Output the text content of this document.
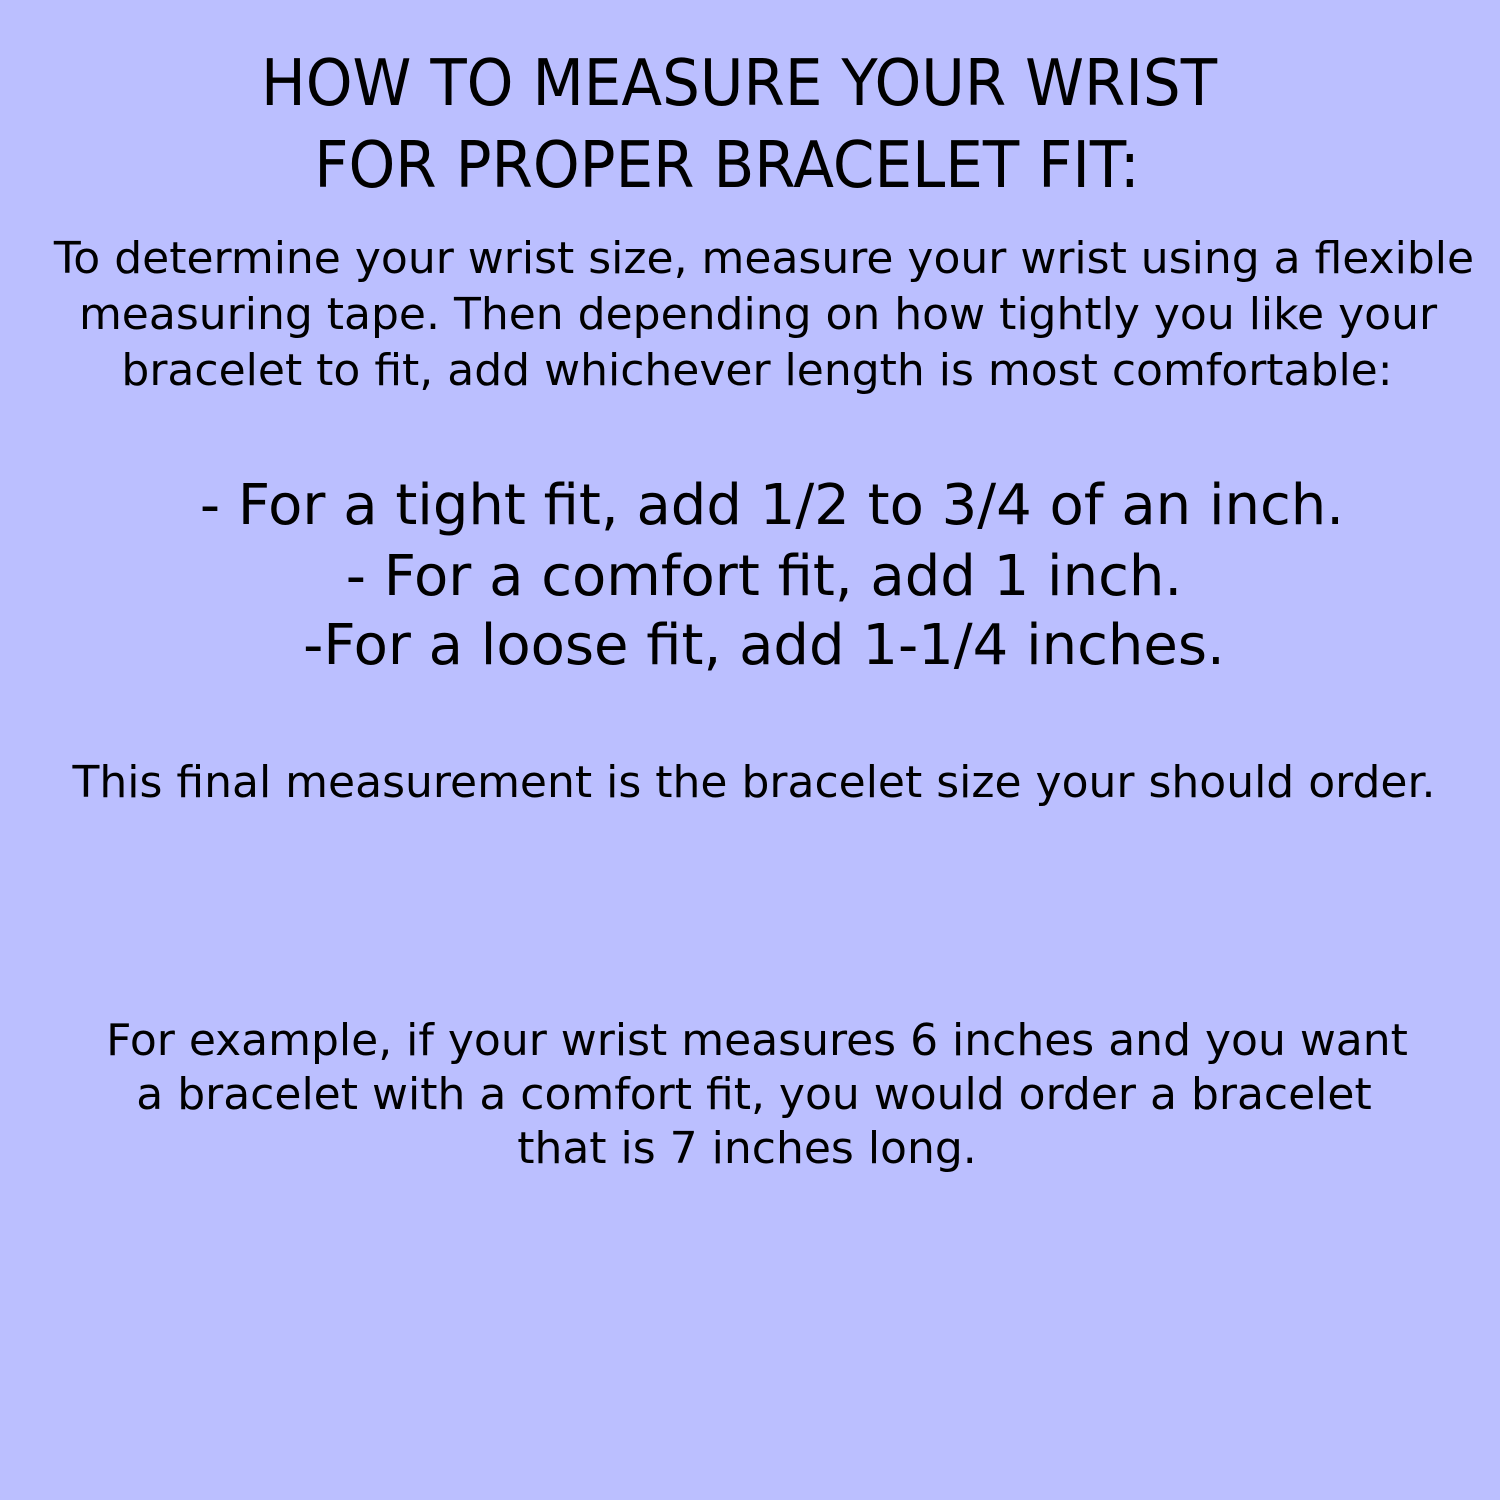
HOW TO MEASURE YOUR WRIST
FOR PROPER BRACELET FIT:

To determine your wrist size, measure your wrist using a flexible

measuring tape. Then depending on how tightly you like your

bracelet to fit, add whichever length is most comfortable:

- For a tight fit, add 1/2 to 3/4 of an inch.

- For a comfort fit, add 1 inch.

-For a loose fit, add 1-1/4 inches.

This final measurement is the bracelet size your should order.

For example, if your wrist measures 6 inches and you want

a bracelet with a comfort fit, you would order a bracelet

that is 7 inches long.
